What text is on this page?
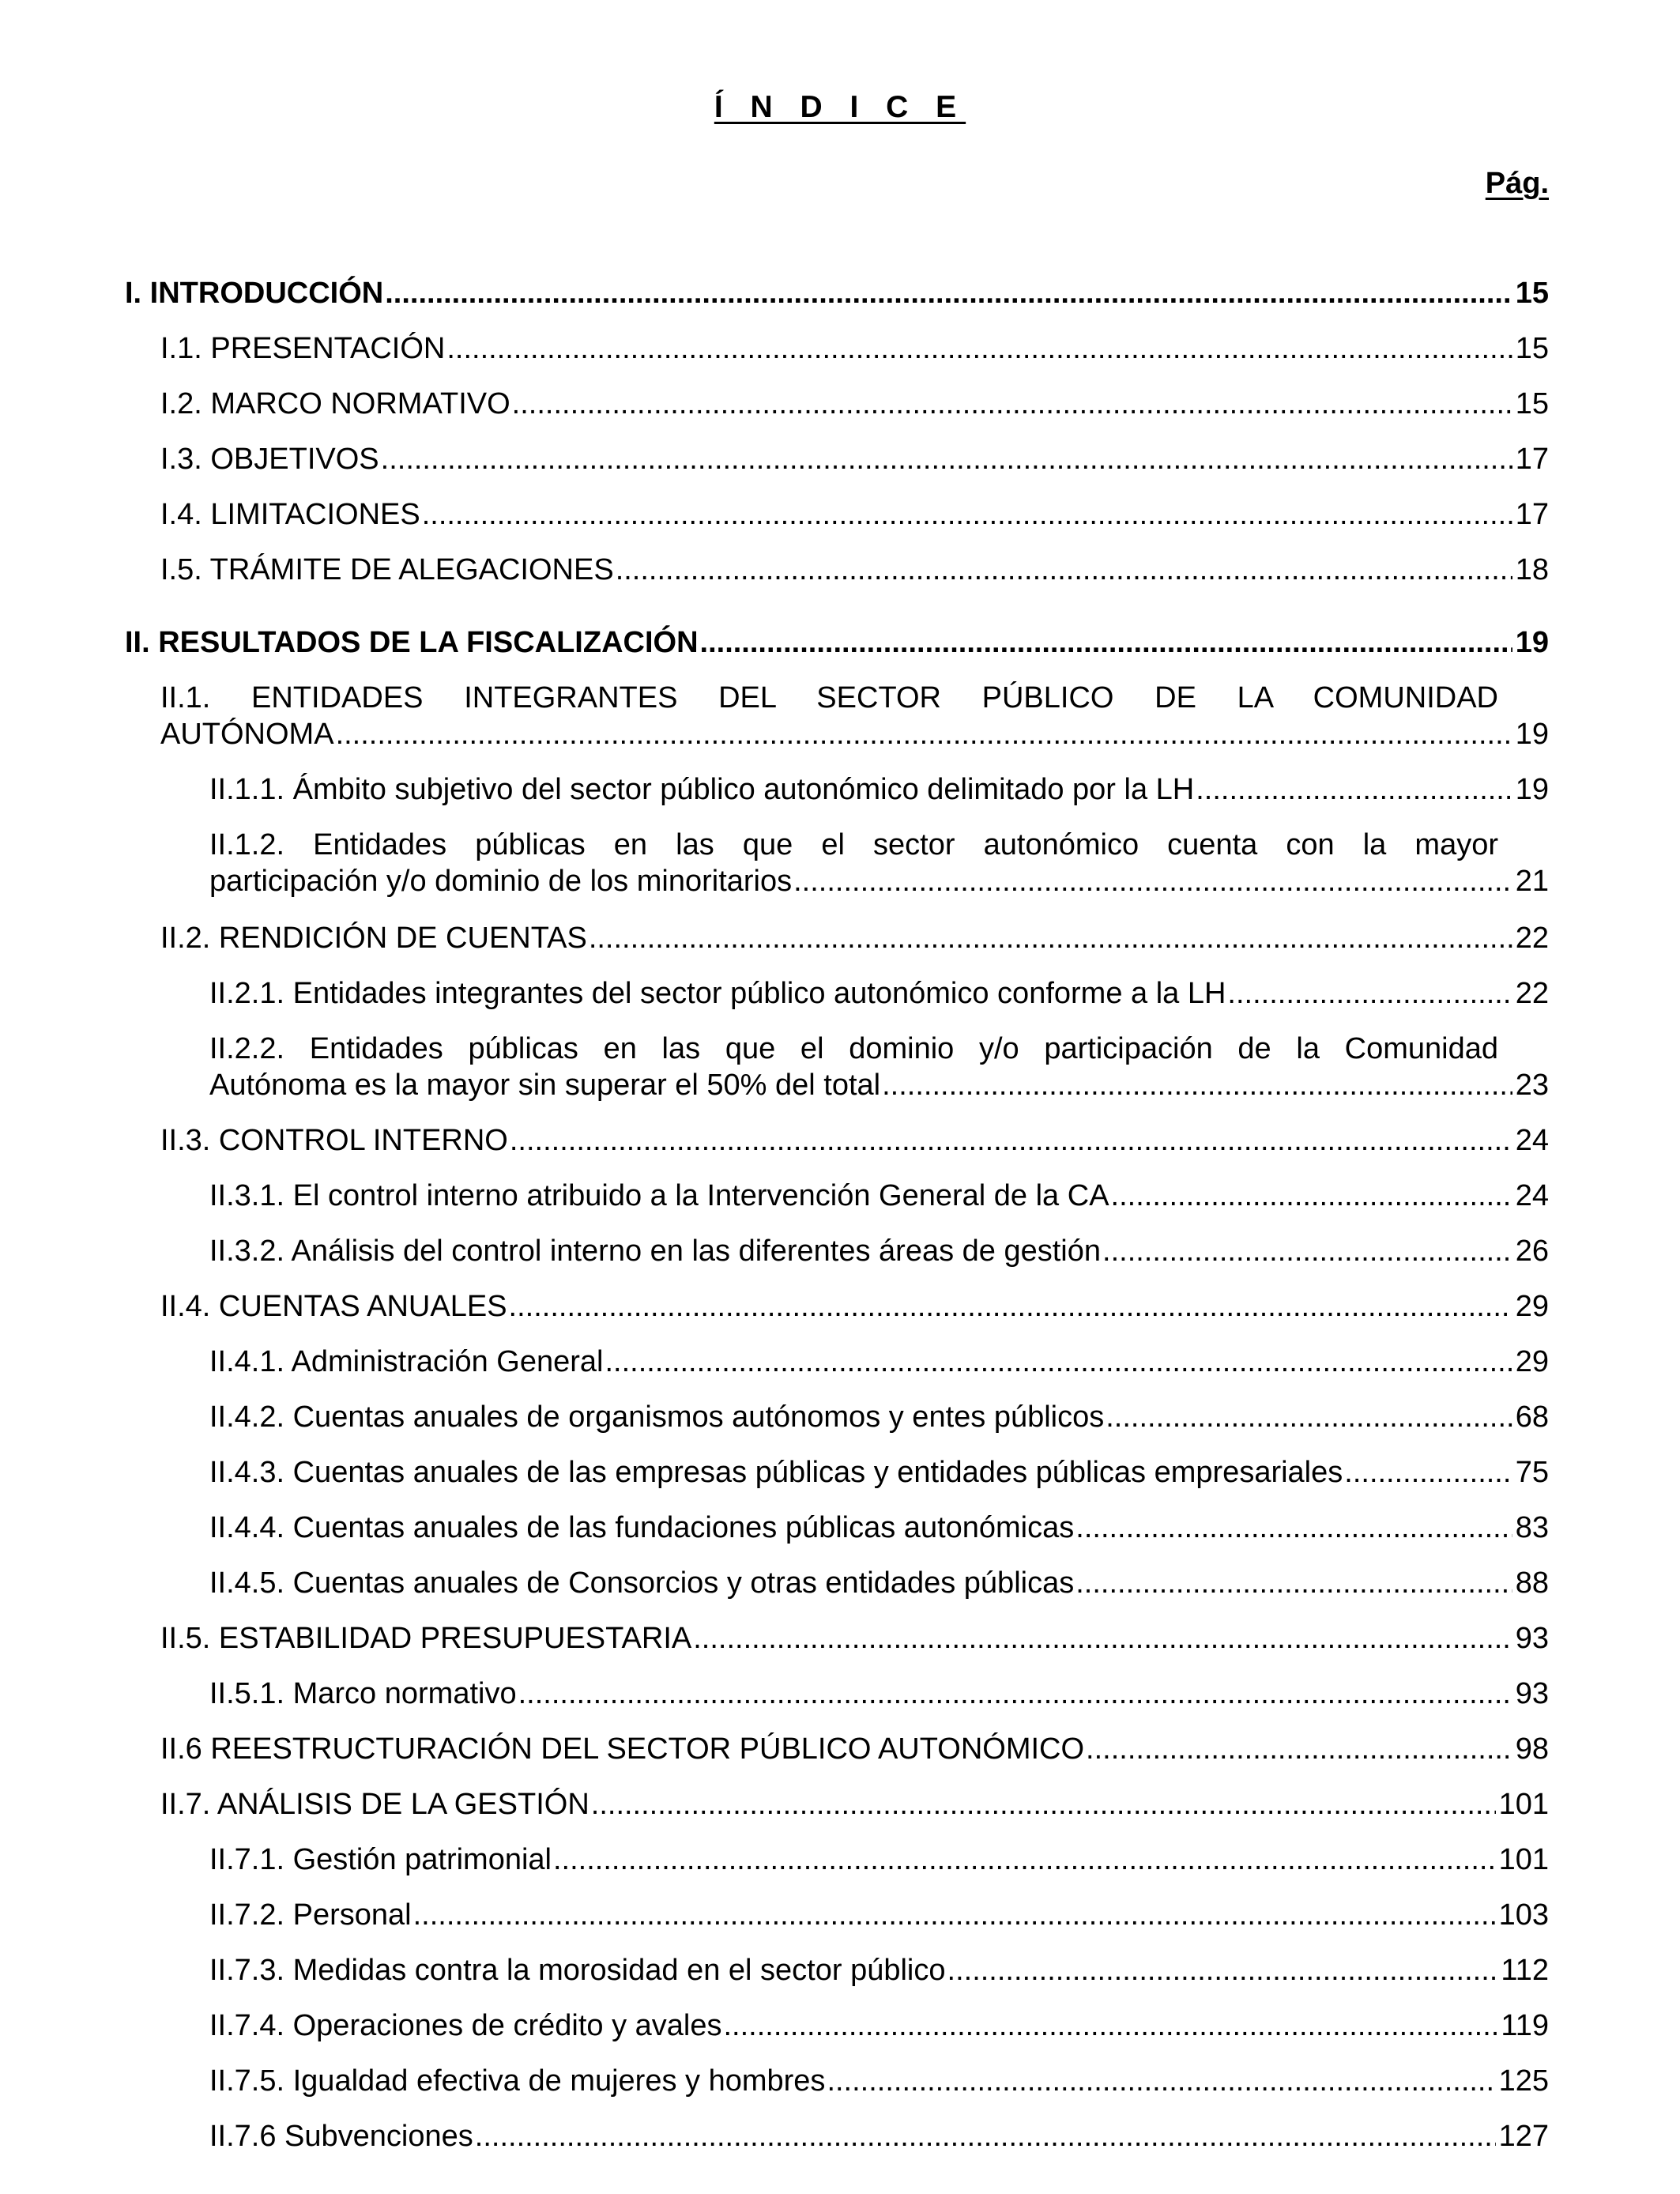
Í N D I C E
Pág.
I. INTRODUCCIÓN .....	15
I.1. PRESENTACIÓN .....	15
I.2. MARCO NORMATIVO .....	15
I.3. OBJETIVOS .....	17
I.4. LIMITACIONES .....	17
I.5. TRÁMITE DE ALEGACIONES .....	18
II. RESULTADOS DE LA FISCALIZACIÓN .....	19
II.1. ENTIDADES INTEGRANTES DEL SECTOR PÚBLICO DE LA COMUNIDAD
AUTÓNOMA .....	19
II.1.1. Ámbito subjetivo del sector público autonómico delimitado por la LH .....	19
II.1.2. Entidades públicas en las que el sector autonómico cuenta con la mayor
participación y/o dominio de los minoritarios .....	21
II.2. RENDICIÓN DE CUENTAS .....	22
II.2.1. Entidades integrantes del sector público autonómico conforme a la LH .....	22
II.2.2. Entidades públicas en las que el dominio y/o participación de la Comunidad
Autónoma es la mayor sin superar el 50% del total .....	23
II.3. CONTROL INTERNO .....	24
II.3.1. El control interno atribuido a la Intervención General de la CA .....	24
II.3.2. Análisis del control interno en las diferentes áreas de gestión .....	26
II.4. CUENTAS ANUALES .....	29
II.4.1. Administración General .....	29
II.4.2. Cuentas anuales de organismos autónomos y entes públicos .....	68
II.4.3. Cuentas anuales de las empresas públicas y entidades públicas empresariales .....	75
II.4.4. Cuentas anuales de las fundaciones públicas autonómicas .....	83
II.4.5. Cuentas anuales de Consorcios y otras entidades públicas .....	88
II.5. ESTABILIDAD PRESUPUESTARIA .....	93
II.5.1. Marco normativo .....	93
II.6 REESTRUCTURACIÓN DEL SECTOR PÚBLICO AUTONÓMICO .....	98
II.7. ANÁLISIS DE LA GESTIÓN .....	101
II.7.1. Gestión patrimonial .....	101
II.7.2. Personal .....	103
II.7.3. Medidas contra la morosidad en el sector público .....	112
II.7.4. Operaciones de crédito y avales .....	119
II.7.5. Igualdad efectiva de mujeres y hombres .....	125
II.7.6 Subvenciones .....	127
